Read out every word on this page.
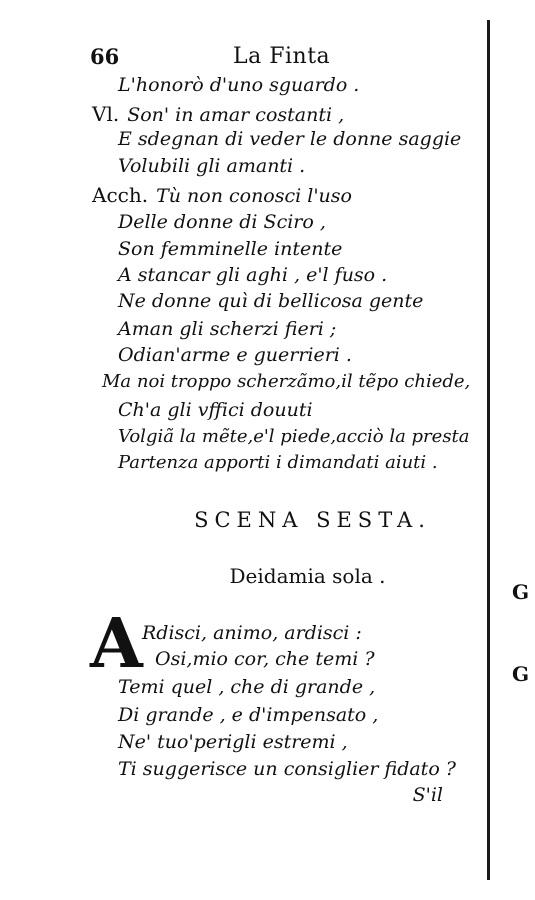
G
G
66	La Finta
L'honorò d'uno sguardo .
Vl. Son' in amar costanti ,
E sdegnan di veder le donne saggie
Volubili gli amanti .
Acch. Tù non conosci l'uso
Delle donne di Sciro ,
Son femminelle intente
A stancar gli aghi , e'l fuso .
Ne donne quì di bellicosa gente
Aman gli scherzi fieri ;
Odian'arme e guerrieri .
Ma noi troppo scherzãmo,il tẽpo chiede,
Ch'a gli vffici douuti
Volgiã la mẽte,e'l piede,acciò la presta
Partenza apporti i dimandati aiuti .
SCENA SESTA.
Deidamia sola .
A Rdisci, animo, ardisci :
Osi,mio cor, che temi ?
Temi quel , che di grande ,
Di grande , e d'impensato ,
Ne' tuo'perigli estremi ,
Ti suggerisce un consiglier fidato ?
S'il
